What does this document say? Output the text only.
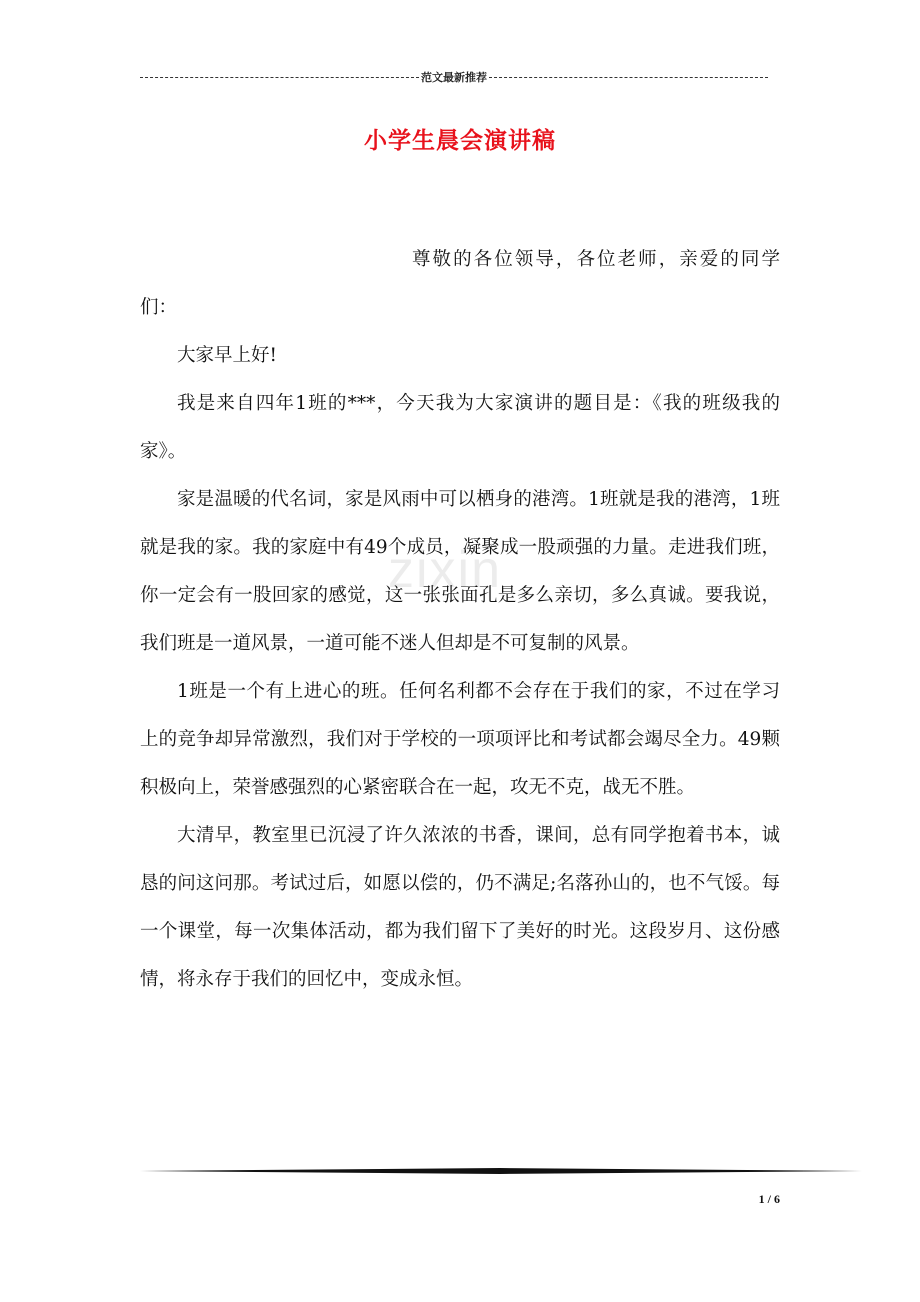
范文最新推荐
小学生晨会演讲稿
zixin

尊敬的各位领导，各位老师，亲爱的同学们：

大家早上好!

我是来自四年1班的***，今天我为大家演讲的题目是：《我的班级我的家》。

家是温暖的代名词，家是风雨中可以栖身的港湾。1班就是我的港湾，1班就是我的家。我的家庭中有49个成员，凝聚成一股顽强的力量。走进我们班，你一定会有一股回家的感觉，这一张张面孔是多么亲切，多么真诚。要我说，我们班是一道风景，一道可能不迷人但却是不可复制的风景。

1班是一个有上进心的班。任何名利都不会存在于我们的家，不过在学习上的竞争却异常激烈，我们对于学校的一项项评比和考试都会竭尽全力。49颗积极向上，荣誉感强烈的心紧密联合在一起，攻无不克，战无不胜。

大清早，教室里已沉浸了许久浓浓的书香，课间，总有同学抱着书本，诚恳的问这问那。考试过后，如愿以偿的，仍不满足;名落孙山的，也不气馁。每一个课堂，每一次集体活动，都为我们留下了美好的时光。这段岁月、这份感情，将永存于我们的回忆中，变成永恒。

1 / 6
